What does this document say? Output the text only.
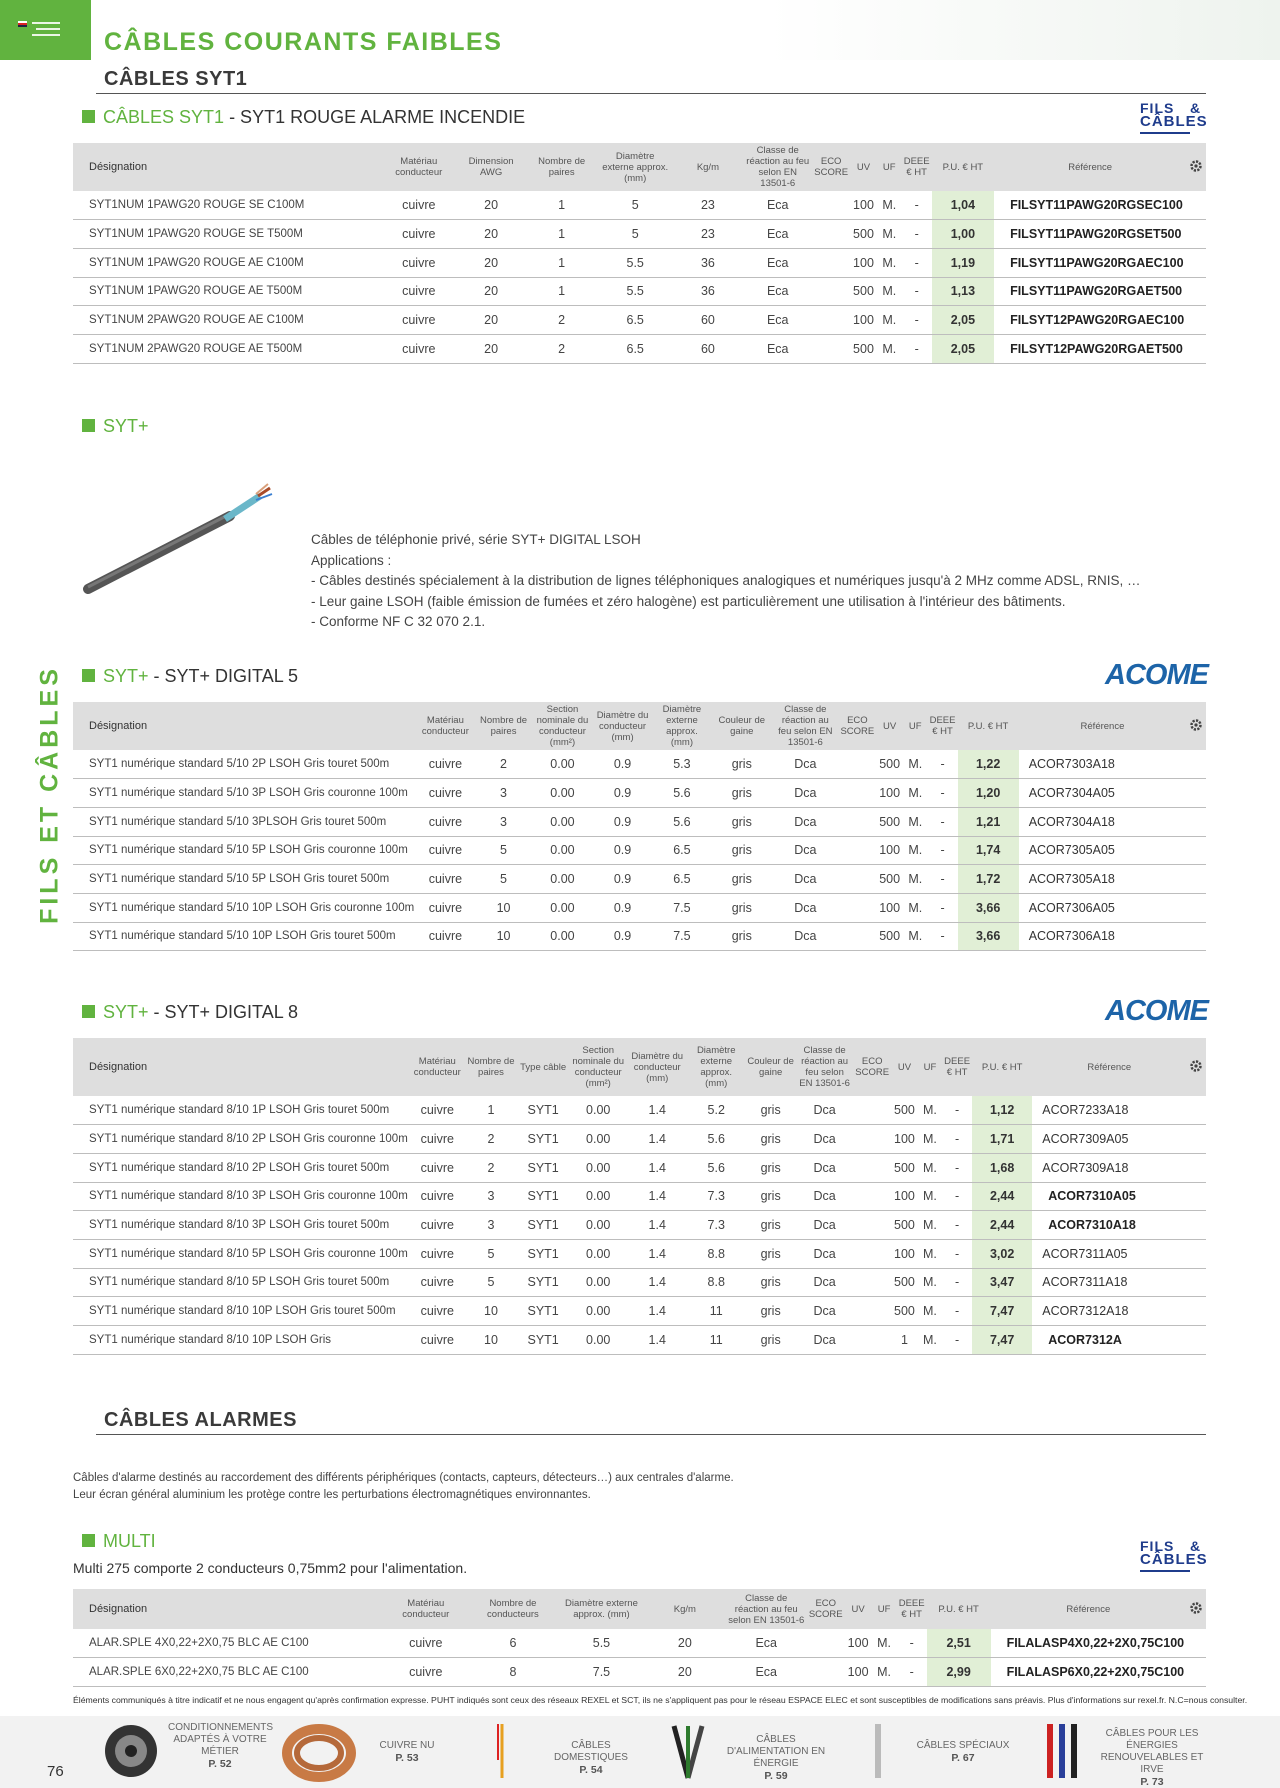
CÂBLES COURANTS FAIBLES
FILS ET CÂBLES
CÂBLES SYT1
CÂBLES SYT1 - SYT1 ROUGE ALARME INCENDIE	FILS &
CÂBLES
Désignation	Matériau conducteur	Dimension AWG	Nombre de paires	Diamètre externe approx. (mm)	Kg/m	Classe de réaction au feu selon EN 13501-6	ECO SCORE	UV	UF	DEEE € HT	P.U. € HT	Référence	
SYT1NUM 1PAWG20 ROUGE SE C100M	cuivre	20	1	5	23	Eca		100	M.	-	1,04	FILSYT11PAWG20RGSEC100	
SYT1NUM 1PAWG20 ROUGE SE T500M	cuivre	20	1	5	23	Eca		500	M.	-	1,00	FILSYT11PAWG20RGSET500	
SYT1NUM 1PAWG20 ROUGE AE C100M	cuivre	20	1	5.5	36	Eca		100	M.	-	1,19	FILSYT11PAWG20RGAEC100	
SYT1NUM 1PAWG20 ROUGE AE T500M	cuivre	20	1	5.5	36	Eca		500	M.	-	1,13	FILSYT11PAWG20RGAET500	
SYT1NUM 2PAWG20 ROUGE AE C100M	cuivre	20	2	6.5	60	Eca		100	M.	-	2,05	FILSYT12PAWG20RGAEC100	
SYT1NUM 2PAWG20 ROUGE AE T500M	cuivre	20	2	6.5	60	Eca		500	M.	-	2,05	FILSYT12PAWG20RGAET500	
SYT+
Câbles de téléphonie privé, série SYT+ DIGITAL LSOH
Applications :
- Câbles destinés spécialement à la distribution de lignes téléphoniques analogiques et numériques jusqu'à 2 MHz comme ADSL, RNIS, …
- Leur gaine LSOH (faible émission de fumées et zéro halogène) est particulièrement une utilisation à l'intérieur des bâtiments.
- Conforme NF C 32 070 2.1.
SYT+ - SYT+ DIGITAL 5	ACOME
Désignation	Matériau conducteur	Nombre de paires	Section nominale du conducteur (mm²)	Diamètre du conducteur (mm)	Diamètre externe approx. (mm)	Couleur de gaine	Classe de réaction au feu selon EN 13501-6	ECO SCORE	UV	UF	DEEE € HT	P.U. € HT	Référence	
SYT1 numérique standard 5/10 2P LSOH Gris touret 500m	cuivre	2	0.00	0.9	5.3	gris	Dca		500	M.	-	1,22	ACOR7303A18	
SYT1 numérique standard 5/10 3P LSOH Gris couronne 100m	cuivre	3	0.00	0.9	5.6	gris	Dca		100	M.	-	1,20	ACOR7304A05	
SYT1 numérique standard 5/10 3PLSOH Gris touret 500m	cuivre	3	0.00	0.9	5.6	gris	Dca		500	M.	-	1,21	ACOR7304A18	
SYT1 numérique standard 5/10 5P LSOH Gris couronne 100m	cuivre	5	0.00	0.9	6.5	gris	Dca		100	M.	-	1,74	ACOR7305A05	
SYT1 numérique standard 5/10 5P LSOH Gris touret 500m	cuivre	5	0.00	0.9	6.5	gris	Dca		500	M.	-	1,72	ACOR7305A18	
SYT1 numérique standard 5/10 10P LSOH Gris couronne 100m	cuivre	10	0.00	0.9	7.5	gris	Dca		100	M.	-	3,66	ACOR7306A05	
SYT1 numérique standard 5/10 10P LSOH Gris touret 500m	cuivre	10	0.00	0.9	7.5	gris	Dca		500	M.	-	3,66	ACOR7306A18	
SYT+ - SYT+ DIGITAL 8	ACOME
Désignation	Matériau conducteur	Nombre de paires	Type câble	Section nominale du conducteur (mm²)	Diamètre du conducteur (mm)	Diamètre externe approx. (mm)	Couleur de gaine	Classe de réaction au feu selon EN 13501-6	ECO SCORE	UV	UF	DEEE € HT	P.U. € HT	Référence	
SYT1 numérique standard 8/10 1P LSOH Gris touret 500m	cuivre	1	SYT1	0.00	1.4	5.2	gris	Dca		500	M.	-	1,12	ACOR7233A18	
SYT1 numérique standard 8/10 2P LSOH Gris couronne 100m	cuivre	2	SYT1	0.00	1.4	5.6	gris	Dca		100	M.	-	1,71	ACOR7309A05	
SYT1 numérique standard 8/10 2P LSOH Gris touret 500m	cuivre	2	SYT1	0.00	1.4	5.6	gris	Dca		500	M.	-	1,68	ACOR7309A18	
SYT1 numérique standard 8/10 3P LSOH Gris couronne 100m	cuivre	3	SYT1	0.00	1.4	7.3	gris	Dca		100	M.	-	2,44	ACOR7310A05	
SYT1 numérique standard 8/10 3P LSOH Gris touret 500m	cuivre	3	SYT1	0.00	1.4	7.3	gris	Dca		500	M.	-	2,44	ACOR7310A18	
SYT1 numérique standard 8/10 5P LSOH Gris couronne 100m	cuivre	5	SYT1	0.00	1.4	8.8	gris	Dca		100	M.	-	3,02	ACOR7311A05	
SYT1 numérique standard 8/10 5P LSOH Gris touret 500m	cuivre	5	SYT1	0.00	1.4	8.8	gris	Dca		500	M.	-	3,47	ACOR7311A18	
SYT1 numérique standard 8/10 10P LSOH Gris touret 500m	cuivre	10	SYT1	0.00	1.4	11	gris	Dca		500	M.	-	7,47	ACOR7312A18	
SYT1 numérique standard 8/10 10P LSOH Gris	cuivre	10	SYT1	0.00	1.4	11	gris	Dca		1	M.	-	7,47	ACOR7312A	
CÂBLES ALARMES
Câbles d'alarme destinés au raccordement des différents périphériques (contacts, capteurs, détecteurs…) aux centrales d'alarme.
Leur écran général aluminium les protège contre les perturbations électromagnétiques environnantes.
MULTI	FILS &
CÂBLES
Multi 275 comporte 2 conducteurs 0,75mm2 pour l'alimentation.
Désignation	Matériau conducteur	Nombre de conducteurs	Diamètre externe approx. (mm)	Kg/m	Classe de réaction au feu selon EN 13501-6	ECO SCORE	UV	UF	DEEE € HT	P.U. € HT	Référence	
ALAR.SPLE 4X0,22+2X0,75 BLC AE C100	cuivre	6	5.5	20	Eca		100	M.	-	2,51	FILALASP4X0,22+2X0,75C100	
ALAR.SPLE 6X0,22+2X0,75 BLC AE C100	cuivre	8	7.5	20	Eca		100	M.	-	2,99	FILALASP6X0,22+2X0,75C100	
Éléments communiqués à titre indicatif et ne nous engagent qu'après confirmation expresse. PUHT indiqués sont ceux des réseaux REXEL et SCT, ils ne s'appliquent pas pour le réseau ESPACE ELEC et sont susceptibles de modifications sans préavis. Plus d'informations sur rexel.fr. N.C=nous consulter.
76
CONDITIONNEMENTS ADAPTÉS À VOTRE MÉTIER
P. 52
CUIVRE NU
P. 53
CÂBLES DOMESTIQUES
P. 54
CÂBLES D'ALIMENTATION EN ÉNERGIE
P. 59
CÂBLES SPÉCIAUX
P. 67
CÂBLES POUR LES ÉNERGIES RENOUVELABLES ET IRVE
P. 73
